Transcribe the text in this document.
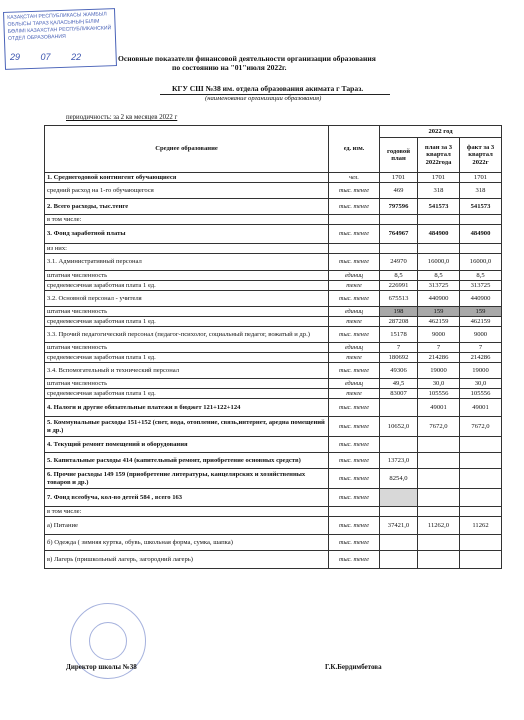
КАЗАҚСТАН РЕСПУБЛИКАСЫ ЖАМБЫЛ ОБЛЫСЫ ТАРАЗ ҚАЛАСЫНЫҢ БІЛІМ БӨЛІМІ КАЗАХСТАН РЕСПУБЛИКАНСКИЙ ОТДЕЛ ОБРАЗОВАНИЯ
29 07 22	Основные показатели финансовой деятельности организации образования
по состоянию на "01"июля 2022г.
КГУ СШ №38 им. отдела образования акимата г Тараз.
(наименование организации образования)
периодичность: за 2 кв месяцев 2022 г
Среднее образование	ед. изм.	2022 год		
		годовой план	план за 3 квартал 2022года	факт за 3 квартал 2022г
1. Среднегодовой контингент обучающиеся	чел.	1701	1701	1701
средний расход на 1-го обучающегося	тыс. тенге	469	318	318
2. Всего расходы, тыс.тенге	тыс. тенге	797596	541573	541573
в том числе:				
3. Фонд заработной платы	тыс. тенге	764967	484900	484900
из них:				
3.1. Административный персонал	тыс. тенге	24970	16000,0	16000,0
штатная численность	единиц	8,5	8,5	8,5
среднемесячная заработная плата 1 ед.	тенге	226991	313725	313725
3.2. Основной персонал - учителя	тыс. тенге	675513	440900	440900
штатная численность	единиц	198	159	159
среднемесячная заработная плата 1 ед.	тенге	287208	462159	462159
3.3. Прочий педагогический персонал (педагог-психолог, социальный педагог, вожатый и др.)	тыс. тенге	15178	9000	9000
штатная численность	единиц	7	7	7
среднемесячная заработная плата 1 ед.	тенге	180692	214286	214286
3.4. Вспомогательный и технический персонал	тыс. тенге	49306	19000	19000
штатная численность	единиц	49,5	30,0	30,0
среднемесячная заработная плата 1 ед.	тенге	83007	105556	105556
4. Налоги и другие обязательные платежи в бюджет 121+122+124	тыс. тенге		49001	49001
5. Коммунальные расходы 151+152 (свет, вода, отопление, связь,интернет, аредна помещений и др.)	тыс. тенге	10652,0	7672,0	7672,0
4. Текущий ремонт помещений и оборудования	тыс. тенге			
5. Капитальные расходы 414 (капительный ремонт, приобретение основных средств)	тыс. тенге	13723,0		
6. Прочие расходы 149 159 (приобретение литературы, канцелярских и хозяйственных товаров и др.)	тыс. тенге	8254,0		
7. Фонд всеобуча, кол-во детей 584 , всего 163	тыс. тенге			
в том числе:				
а) Питание	тыс. тенге	37421,0	11262,0	11262
б) Одежда ( зимняя куртка, обувь, школьная форма, сумка, шапка)	тыс. тенге			
в) Лагерь (пришкольный лагерь, загородний лагерь)	тыс. тенге			
Директор школы №38	Г.К.Бердимбетова
